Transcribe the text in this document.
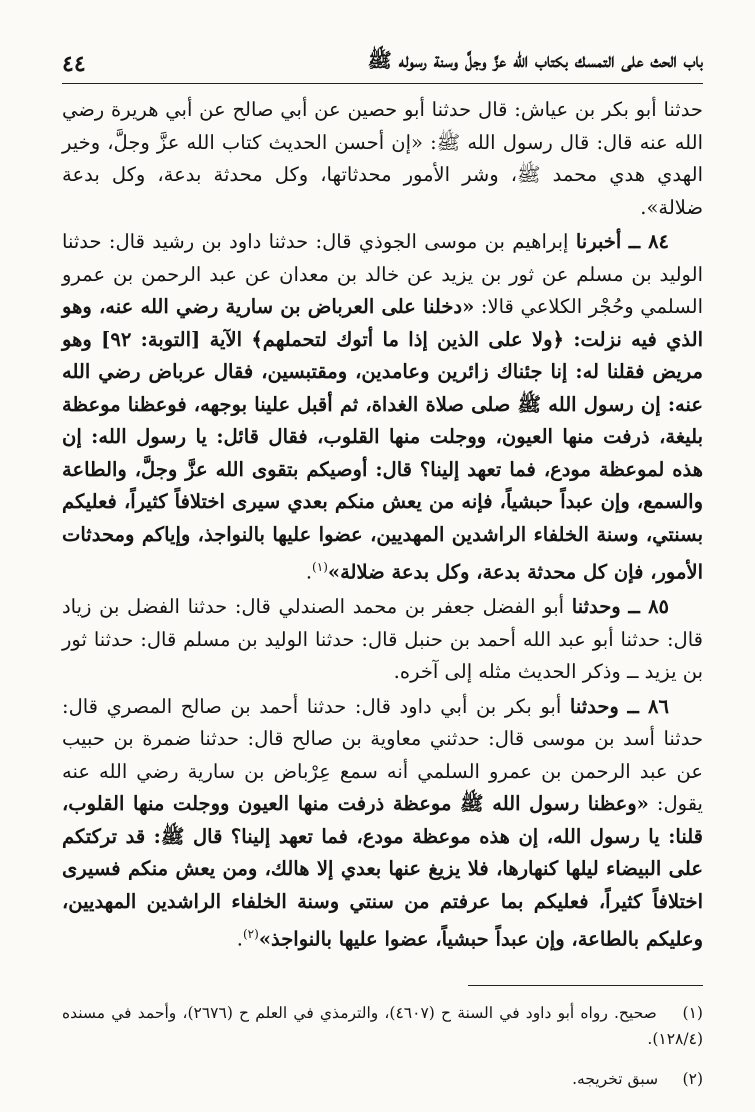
باب الحث على التمسك بكتاب الله عزَّ وجلَّ وسنة رسوله ﷺ
٤٤

حدثنا أبو بكر بن عياش: قال حدثنا أبو حصين عن أبي صالح عن أبي هريرة رضي الله عنه قال: قال رسول الله ﷺ: «إن أحسن الحديث كتاب الله عزَّ وجلَّ، وخير الهدي هدي محمد ﷺ، وشر الأمور محدثاتها، وكل محدثة بدعة، وكل بدعة ضلالة».

٨٤ ــ أخبرنا إبراهيم بن موسى الجوذي قال: حدثنا داود بن رشيد قال: حدثنا الوليد بن مسلم عن ثور بن يزيد عن خالد بن معدان عن عبد الرحمن بن عمرو السلمي وحُجْر الكلاعي قالا: «دخلنا على العرباض بن سارية رضي الله عنه، وهو الذي فيه نزلت: ﴿ولا على الذين إذا ما أتوك لتحملهم﴾ الآية [التوبة: ٩٢] وهو مريض فقلنا له: إنا جئناك زائرين وعامدين، ومقتبسين، فقال عرباض رضي الله عنه: إن رسول الله ﷺ صلى صلاة الغداة، ثم أقبل علينا بوجهه، فوعظنا موعظة بليغة، ذرفت منها العيون، ووجلت منها القلوب، فقال قائل: يا رسول الله: إن هذه لموعظة مودع، فما تعهد إلينا؟ قال: أوصيكم بتقوى الله عزَّ وجلَّ، والطاعة والسمع، وإن عبداً حبشياً، فإنه من يعش منكم بعدي سيرى اختلافاً كثيراً، فعليكم بسنتي، وسنة الخلفاء الراشدين المهديين، عضوا عليها بالنواجذ، وإياكم ومحدثات الأمور، فإن كل محدثة بدعة، وكل بدعة ضلالة»$^{(١)}$.

٨٥ ــ وحدثنا أبو الفضل جعفر بن محمد الصندلي قال: حدثنا الفضل بن زياد قال: حدثنا أبو عبد الله أحمد بن حنبل قال: حدثنا الوليد بن مسلم قال: حدثنا ثور بن يزيد ــ وذكر الحديث مثله إلى آخره.

٨٦ ــ وحدثنا أبو بكر بن أبي داود قال: حدثنا أحمد بن صالح المصري قال: حدثنا أسد بن موسى قال: حدثني معاوية بن صالح قال: حدثنا ضمرة بن حبيب عن عبد الرحمن بن عمرو السلمي أنه سمع عِرْباض بن سارية رضي الله عنه يقول: «وعظنا رسول الله ﷺ موعظة ذرفت منها العيون ووجلت منها القلوب، قلنا: يا رسول الله، إن هذه موعظة مودع، فما تعهد إلينا؟ قال ﷺ: قد تركتكم على البيضاء ليلها كنهارها، فلا يزيغ عنها بعدي إلا هالك، ومن يعش منكم فسيرى اختلافاً كثيراً، فعليكم بما عرفتم من سنتي وسنة الخلفاء الراشدين المهديين، وعليكم بالطاعة، وإن عبداً حبشياً، عضوا عليها بالنواجذ»$^{(٢)}$.

(١) صحيح. رواه أبو داود في السنة ح (٤٦٠٧)، والترمذي في العلم ح (٢٦٧٦)، وأحمد في مسنده (١٢٨/٤).

(٢) سبق تخريجه.
